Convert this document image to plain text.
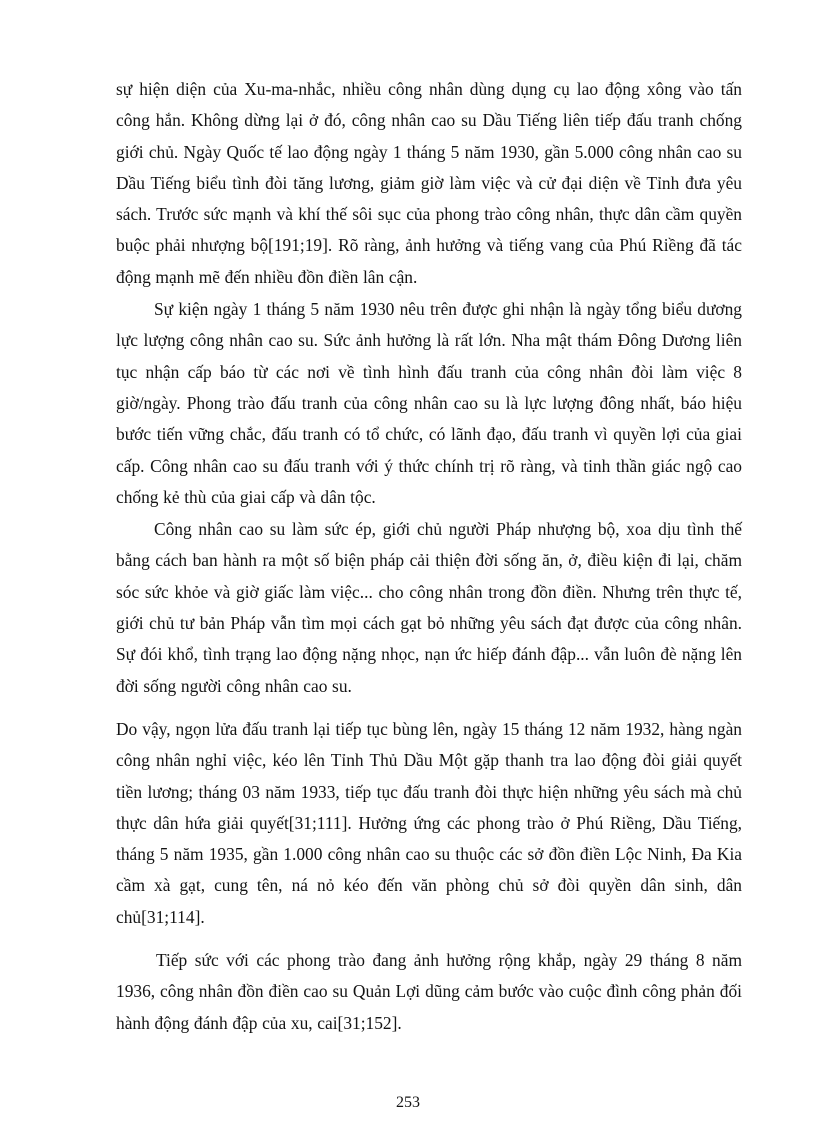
sự hiện diện của Xu-ma-nhắc, nhiều công nhân dùng dụng cụ lao động xông vào tấn công hắn. Không dừng lại ở đó, công nhân cao su Dầu Tiếng liên tiếp đấu tranh chống giới chủ. Ngày Quốc tế lao động ngày 1 tháng 5 năm 1930, gần 5.000 công nhân cao su Dầu Tiếng biểu tình đòi tăng lương, giảm giờ làm việc và cử đại diện về Tỉnh đưa yêu sách. Trước sức mạnh và khí thế sôi sục của phong trào công nhân, thực dân cầm quyền buộc phải nhượng bộ[191;19]. Rõ ràng, ảnh hưởng và tiếng vang của Phú Riềng đã tác động mạnh mẽ đến nhiều đồn điền lân cận.

Sự kiện ngày 1 tháng 5 năm 1930 nêu trên được ghi nhận là ngày tổng biểu dương lực lượng công nhân cao su. Sức ảnh hưởng là rất lớn. Nha mật thám Đông Dương liên tục nhận cấp báo từ các nơi về tình hình đấu tranh của công nhân đòi làm việc 8 giờ/ngày. Phong trào đấu tranh của công nhân cao su là lực lượng đông nhất, báo hiệu bước tiến vững chắc, đấu tranh có tổ chức, có lãnh đạo, đấu tranh vì quyền lợi của giai cấp. Công nhân cao su đấu tranh với ý thức chính trị rõ ràng, và tinh thần giác ngộ cao chống kẻ thù của giai cấp và dân tộc.

Công nhân cao su làm sức ép, giới chủ người Pháp nhượng bộ, xoa dịu tình thế bằng cách ban hành ra một số biện pháp cải thiện đời sống ăn, ở, điều kiện đi lại, chăm sóc sức khỏe và giờ giấc làm việc... cho công nhân trong đồn điền. Nhưng trên thực tế, giới chủ tư bản Pháp vẫn tìm mọi cách gạt bỏ những yêu sách đạt được của công nhân. Sự đói khổ, tình trạng lao động nặng nhọc, nạn ức hiếp đánh đập... vẫn luôn đè nặng lên đời sống người công nhân cao su.

Do vậy, ngọn lửa đấu tranh lại tiếp tục bùng lên, ngày 15 tháng 12 năm 1932, hàng ngàn công nhân nghỉ việc, kéo lên Tỉnh Thủ Dầu Một gặp thanh tra lao động đòi giải quyết tiền lương; tháng 03 năm 1933, tiếp tục đấu tranh đòi thực hiện những yêu sách mà chủ thực dân hứa giải quyết[31;111]. Hưởng ứng các phong trào ở Phú Riềng, Dầu Tiếng, tháng 5 năm 1935, gần 1.000 công nhân cao su thuộc các sở đồn điền Lộc Ninh, Đa Kia cầm xà gạt, cung tên, ná nỏ kéo đến văn phòng chủ sở đòi quyền dân sinh, dân chủ[31;114].

Tiếp sức với các phong trào đang ảnh hưởng rộng khắp, ngày 29 tháng 8 năm 1936, công nhân đồn điền cao su Quản Lợi dũng cảm bước vào cuộc đình công phản đối hành động đánh đập của xu, cai[31;152].

253
